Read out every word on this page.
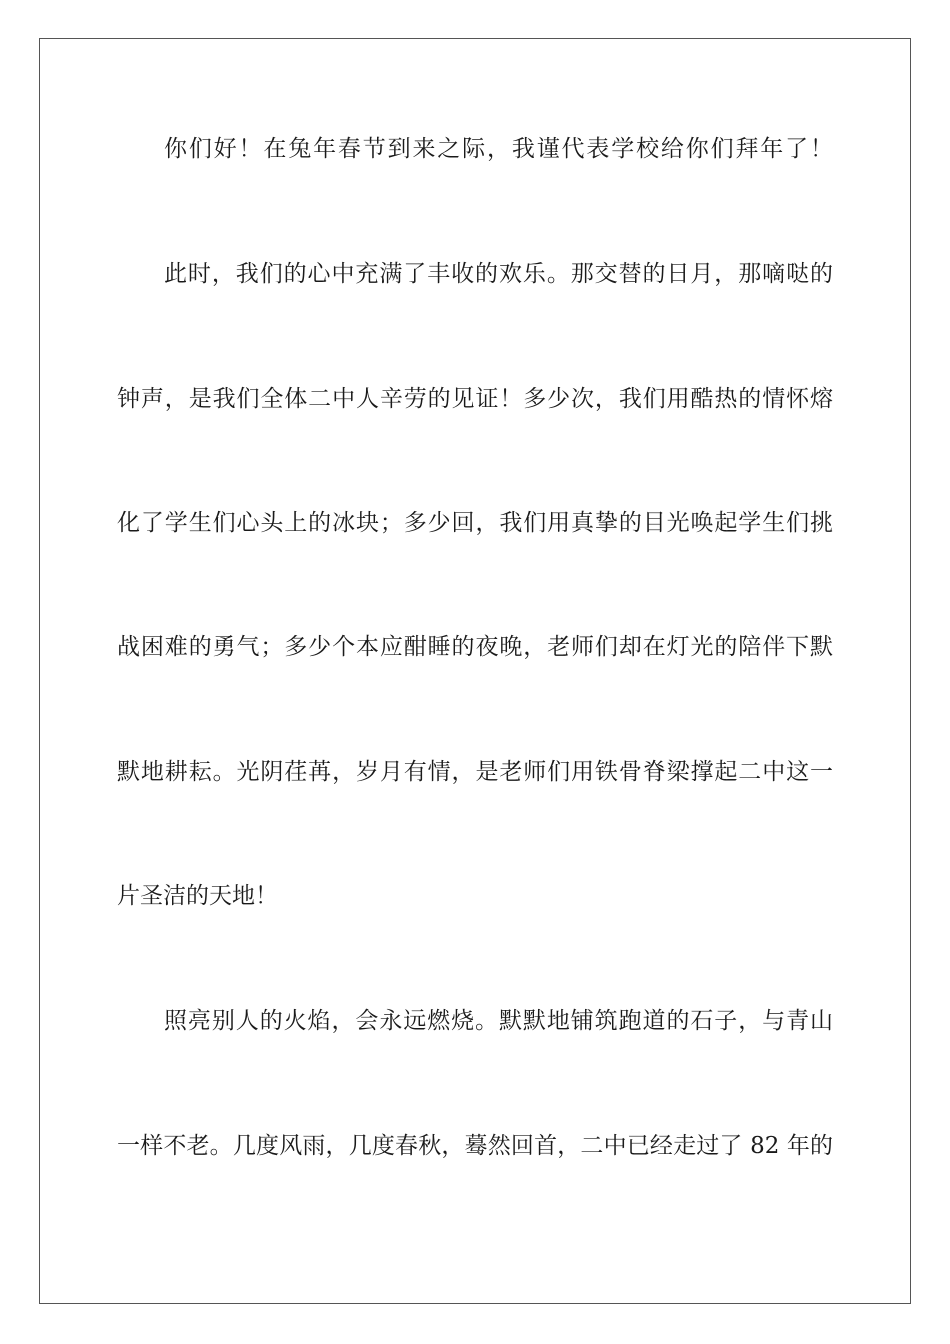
你们好！在兔年春节到来之际，我谨代表学校给你们拜年了！
此时，我们的心中充满了丰收的欢乐。那交替的日月，那嘀哒的
钟声，是我们全体二中人辛劳的见证！多少次，我们用酷热的情怀熔
化了学生们心头上的冰块；多少回，我们用真挚的目光唤起学生们挑
战困难的勇气；多少个本应酣睡的夜晚，老师们却在灯光的陪伴下默
默地耕耘。光阴荏苒，岁月有情，是老师们用铁骨脊梁撑起二中这一
片圣洁的天地！
照亮别人的火焰，会永远燃烧。默默地铺筑跑道的石子，与青山
一样不老。几度风雨，几度春秋，蓦然回首，二中已经走过了 82 年的
